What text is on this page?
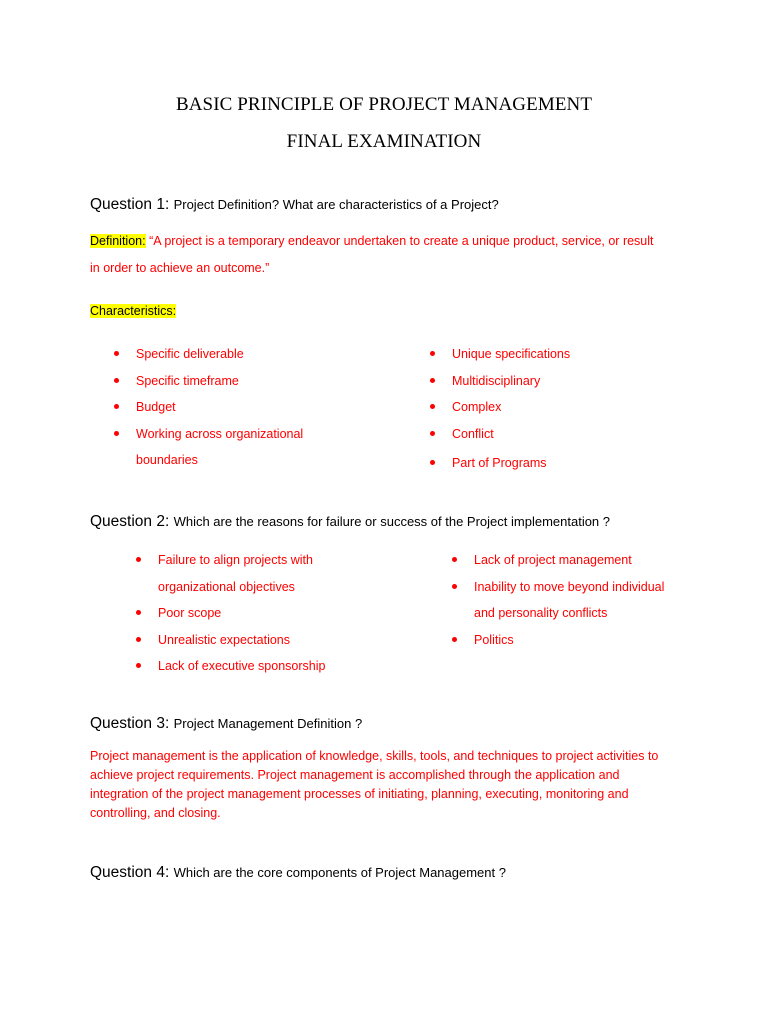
BASIC PRINCIPLE OF PROJECT MANAGEMENT
FINAL EXAMINATION
Question 1: Project Definition? What are characteristics of a Project?
Definition: “A project is a temporary endeavor undertaken to create a unique product, service, or result
in order to achieve an outcome.”
Characteristics:
Specific deliverable
Specific timeframe
Budget
Working across organizational
boundaries
Unique specifications
Multidisciplinary
Complex
Conflict
Part of Programs
Question 2: Which are the reasons for failure or success of the Project implementation ?
Failure to align projects with
organizational objectives
Poor scope
Unrealistic expectations
Lack of executive sponsorship
Lack of project management
Inability to move beyond individual
and personality conflicts
Politics
Question 3: Project Management Definition ?
Project management is the application of knowledge, skills, tools, and techniques to project activities to
achieve project requirements. Project management is accomplished through the application and
integration of the project management processes of initiating, planning, executing, monitoring and
controlling, and closing.
Question 4: Which are the core components of Project Management ?
